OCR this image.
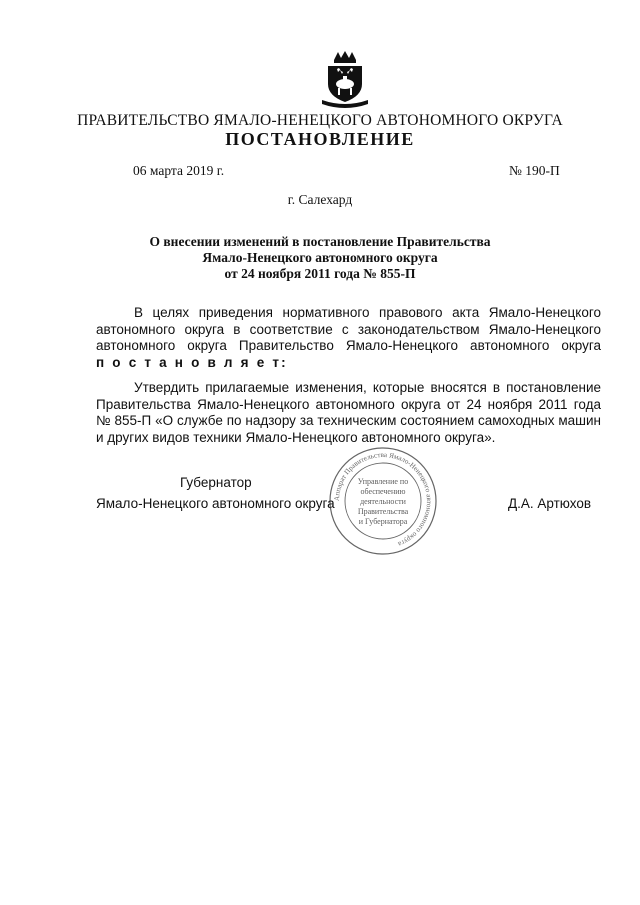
ПРАВИТЕЛЬСТВО ЯМАЛО-НЕНЕЦКОГО АВТОНОМНОГО ОКРУГА
ПОСТАНОВЛЕНИЕ
06 марта 2019 г.	№ 190-П
г. Салехард
О внесении изменений в постановление Правительства
Ямало-Ненецкого автономного округа
от 24 ноября 2011 года № 855-П
В целях приведения нормативного правового акта Ямало-Ненецкого
автономного округа в соответствие с законодательством Ямало-Ненецкого
автономного округа Правительство Ямало-Ненецкого автономного округа
п о с т а н о в л я е т:
Утвердить прилагаемые изменения, которые вносятся в постановление
Правительства Ямало-Ненецкого автономного округа от 24 ноября 2011 года
№ 855-П «О службе по надзору за техническим состоянием самоходных машин
и других видов техники Ямало-Ненецкого автономного округа».
Губернатор
Ямало-Ненецкого автономного округа	Д.А. Артюхов
Аппарат Правительства Ямало-Ненецкого автономного округа
Управление по
обеспечению
деятельности
Правительства
и Губернатора
